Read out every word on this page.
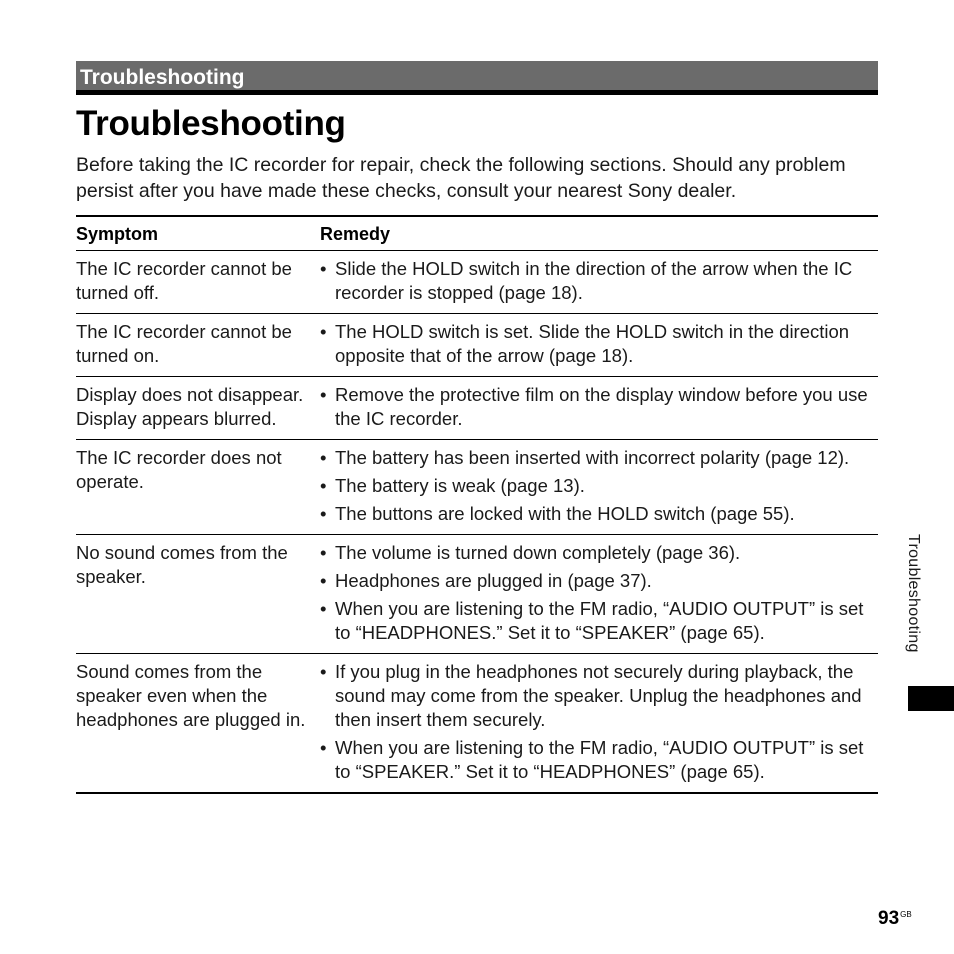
Troubleshooting
Troubleshooting

Before taking the IC recorder for repair, check the following sections. Should any problem persist after you have made these checks, consult your nearest Sony dealer.

Symptom	Remedy
The IC recorder cannot be turned off.
• Slide the HOLD switch in the direction of the arrow when the IC recorder is stopped (page 18).
The IC recorder cannot be turned on.
• The HOLD switch is set. Slide the HOLD switch in the direction opposite that of the arrow (page 18).
Display does not disappear.
Display appears blurred.
• Remove the protective film on the display window before you use the IC recorder.
The IC recorder does not operate.
• The battery has been inserted with incorrect polarity (page 12).
• The battery is weak (page 13).
• The buttons are locked with the HOLD switch (page 55).
No sound comes from the speaker.
• The volume is turned down completely (page 36).
• Headphones are plugged in (page 37).
• When you are listening to the FM radio, “AUDIO OUTPUT” is set to “HEADPHONES.” Set it to “SPEAKER” (page 65).
Sound comes from the speaker even when the headphones are plugged in.
• If you plug in the headphones not securely during playback, the sound may come from the speaker. Unplug the headphones and then insert them securely.
• When you are listening to the FM radio, “AUDIO OUTPUT” is set to “SPEAKER.” Set it to “HEADPHONES” (page 65).
Troubleshooting
$93^{GB}$
